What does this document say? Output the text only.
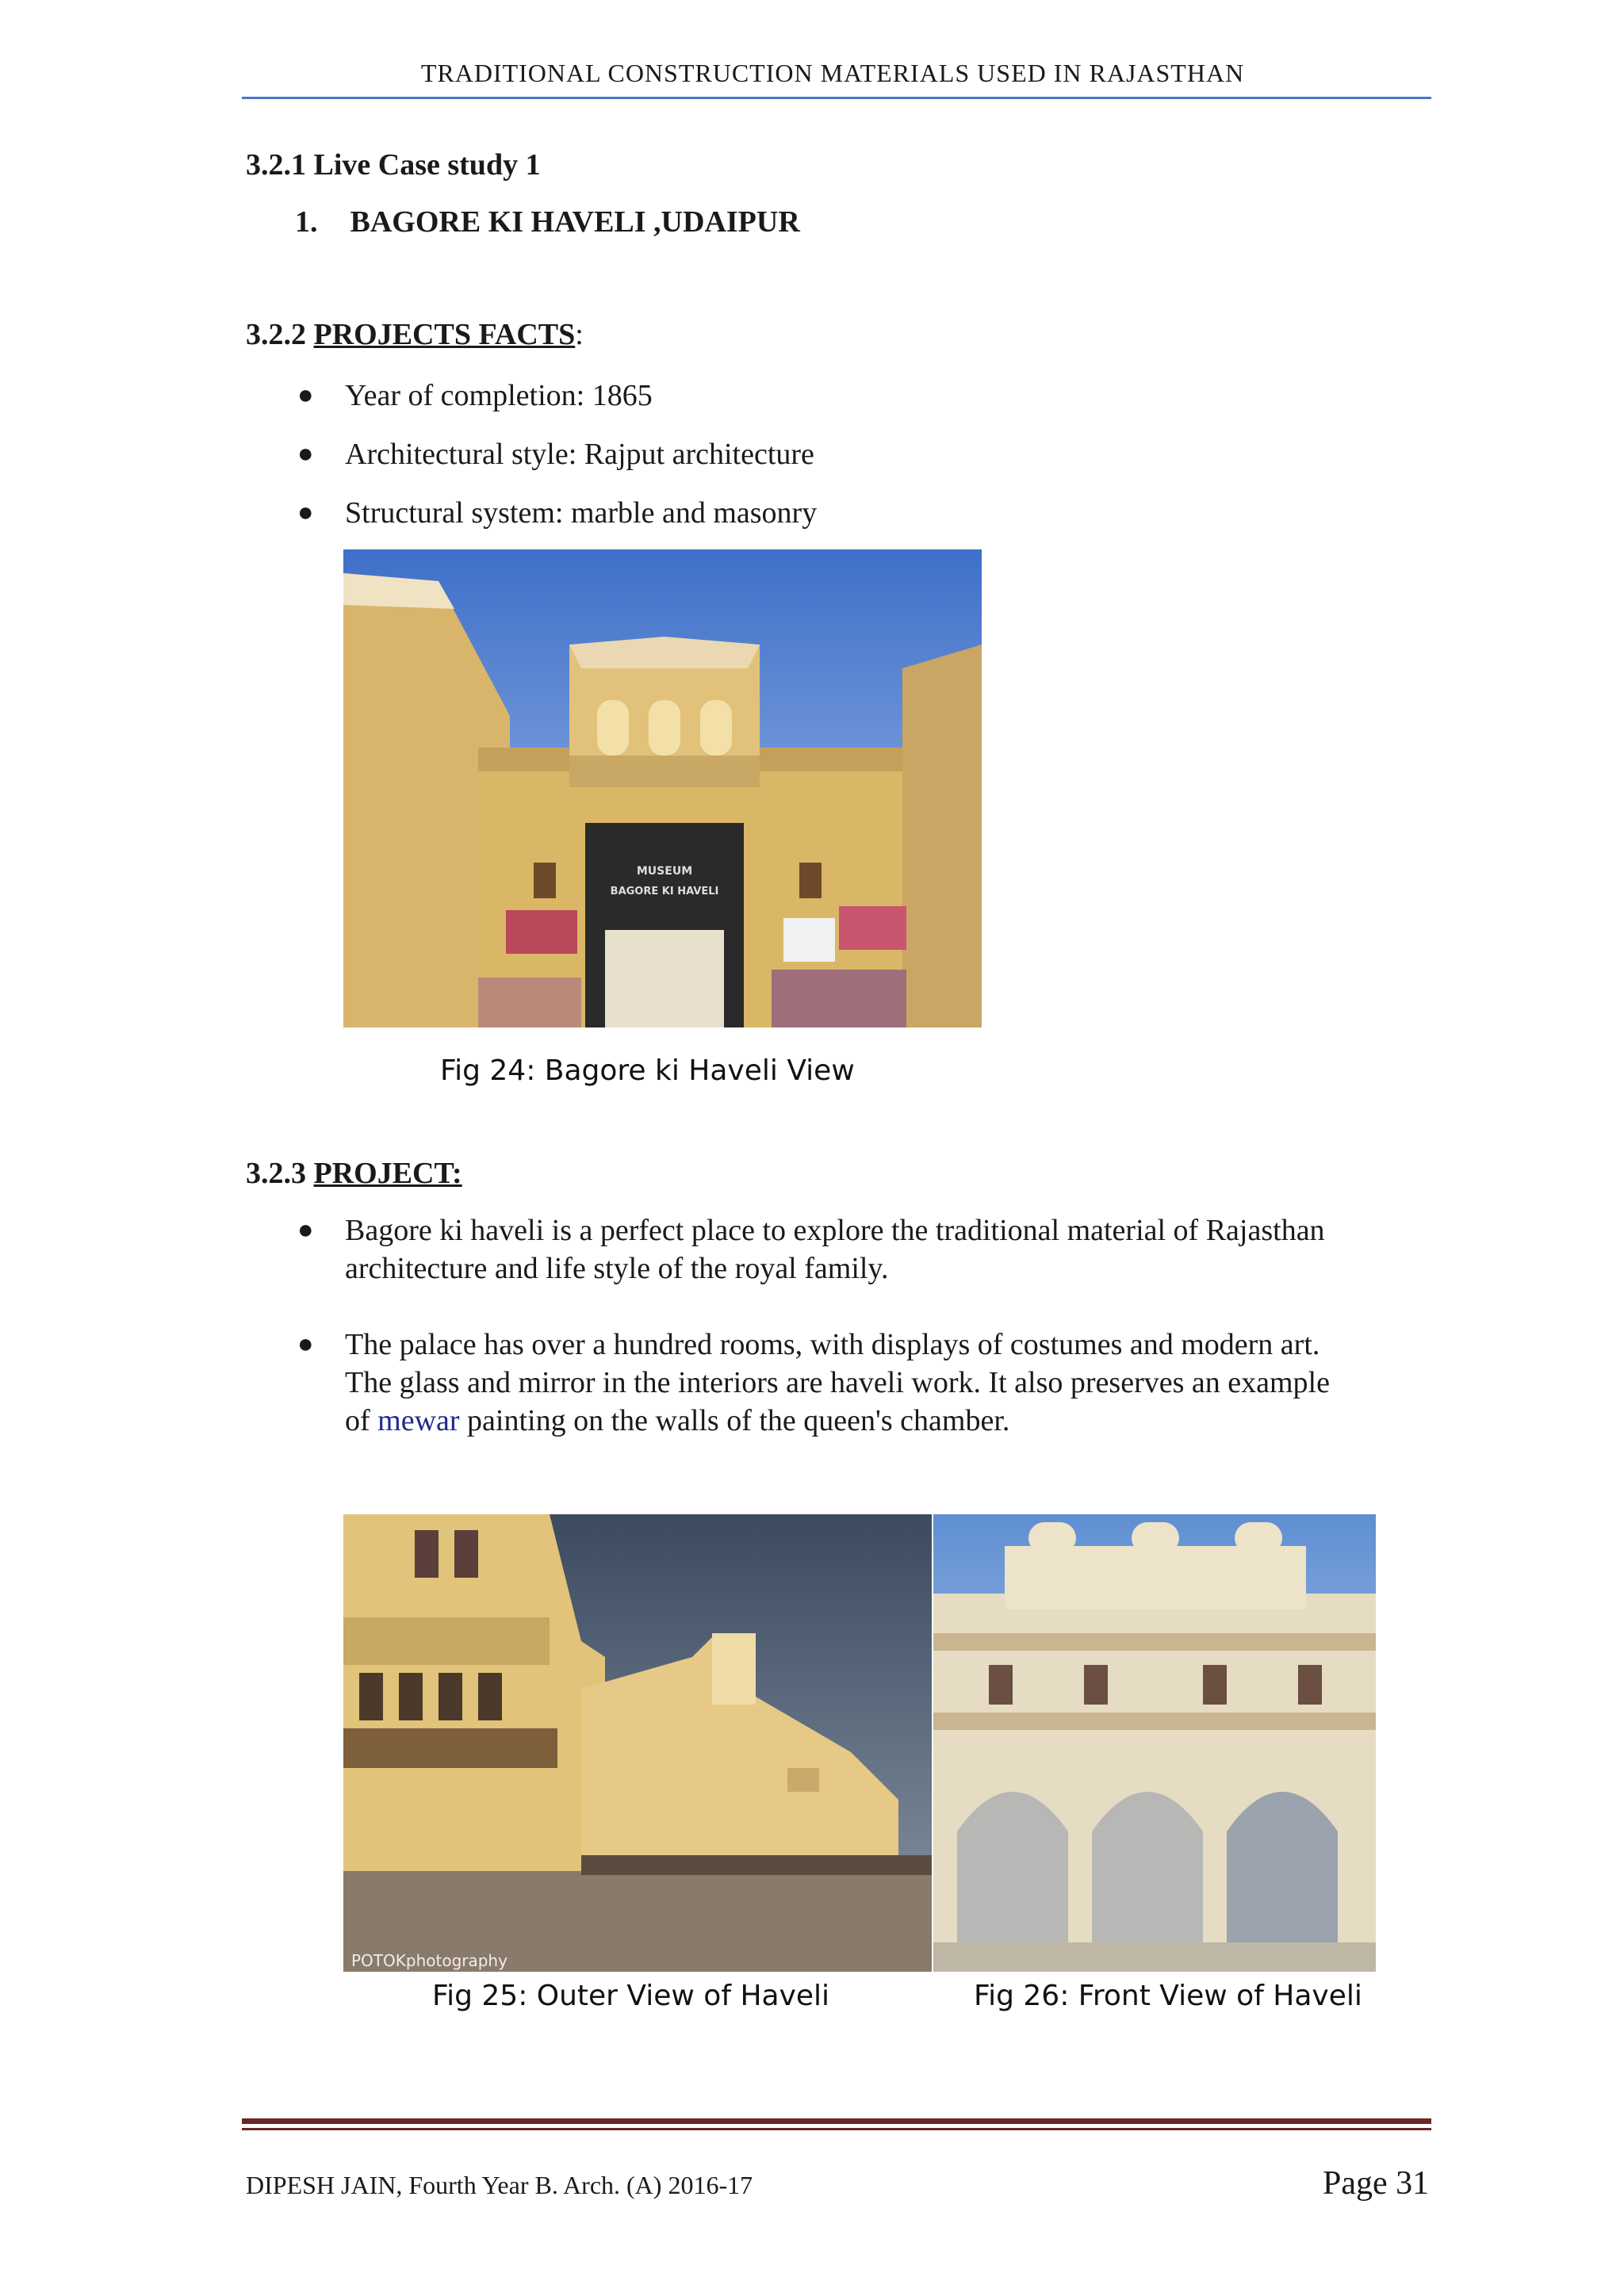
TRADITIONAL CONSTRUCTION MATERIALS USED IN RAJASTHAN
3.2.1 Live Case study 1
1. BAGORE KI HAVELI ,UDAIPUR
3.2.2 PROJECTS FACTS:
● Year of completion: 1865
● Architectural style: Rajput architecture
● Structural system: marble and masonry
MUSEUM
BAGORE KI HAVELI
Fig 24: Bagore ki Haveli View
3.2.3 PROJECT:
● Bagore ki haveli is a perfect place to explore the traditional material of Rajasthan
architecture and life style of the royal family.
● The palace has over a hundred rooms, with displays of costumes and modern art.
The glass and mirror in the interiors are haveli work. It also preserves an example
of mewar painting on the walls of the queen's chamber.
POTOKphotography
Fig 25: Outer View of Haveli	Fig 26: Front View of Haveli
DIPESH JAIN, Fourth Year B. Arch. (A) 2016-17	Page 31
